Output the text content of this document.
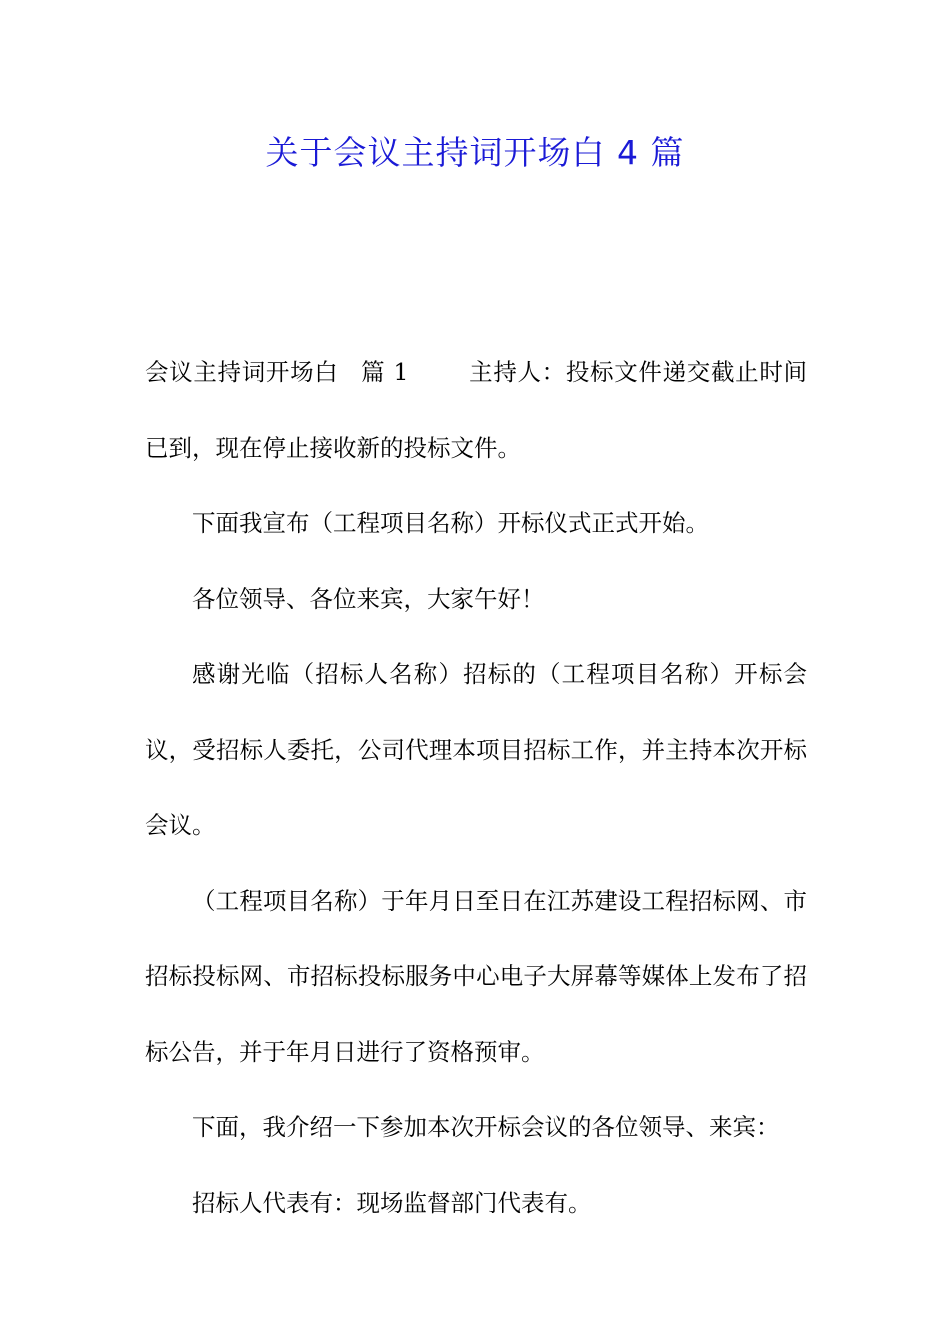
关于会议主持词开场白 4 篇

会议主持词开场白 篇 1	主持人：投标文件递交截止时间已到，现在停止接收新的投标文件。

下面我宣布（工程项目名称）开标仪式正式开始。

各位领导、各位来宾，大家午好！

感谢光临（招标人名称）招标的（工程项目名称）开标会议，受招标人委托，公司代理本项目招标工作，并主持本次开标会议。

（工程项目名称）于年月日至日在江苏建设工程招标网、市招标投标网、市招标投标服务中心电子大屏幕等媒体上发布了招标公告，并于年月日进行了资格预审。

下面，我介绍一下参加本次开标会议的各位领导、来宾：

招标人代表有：现场监督部门代表有。
